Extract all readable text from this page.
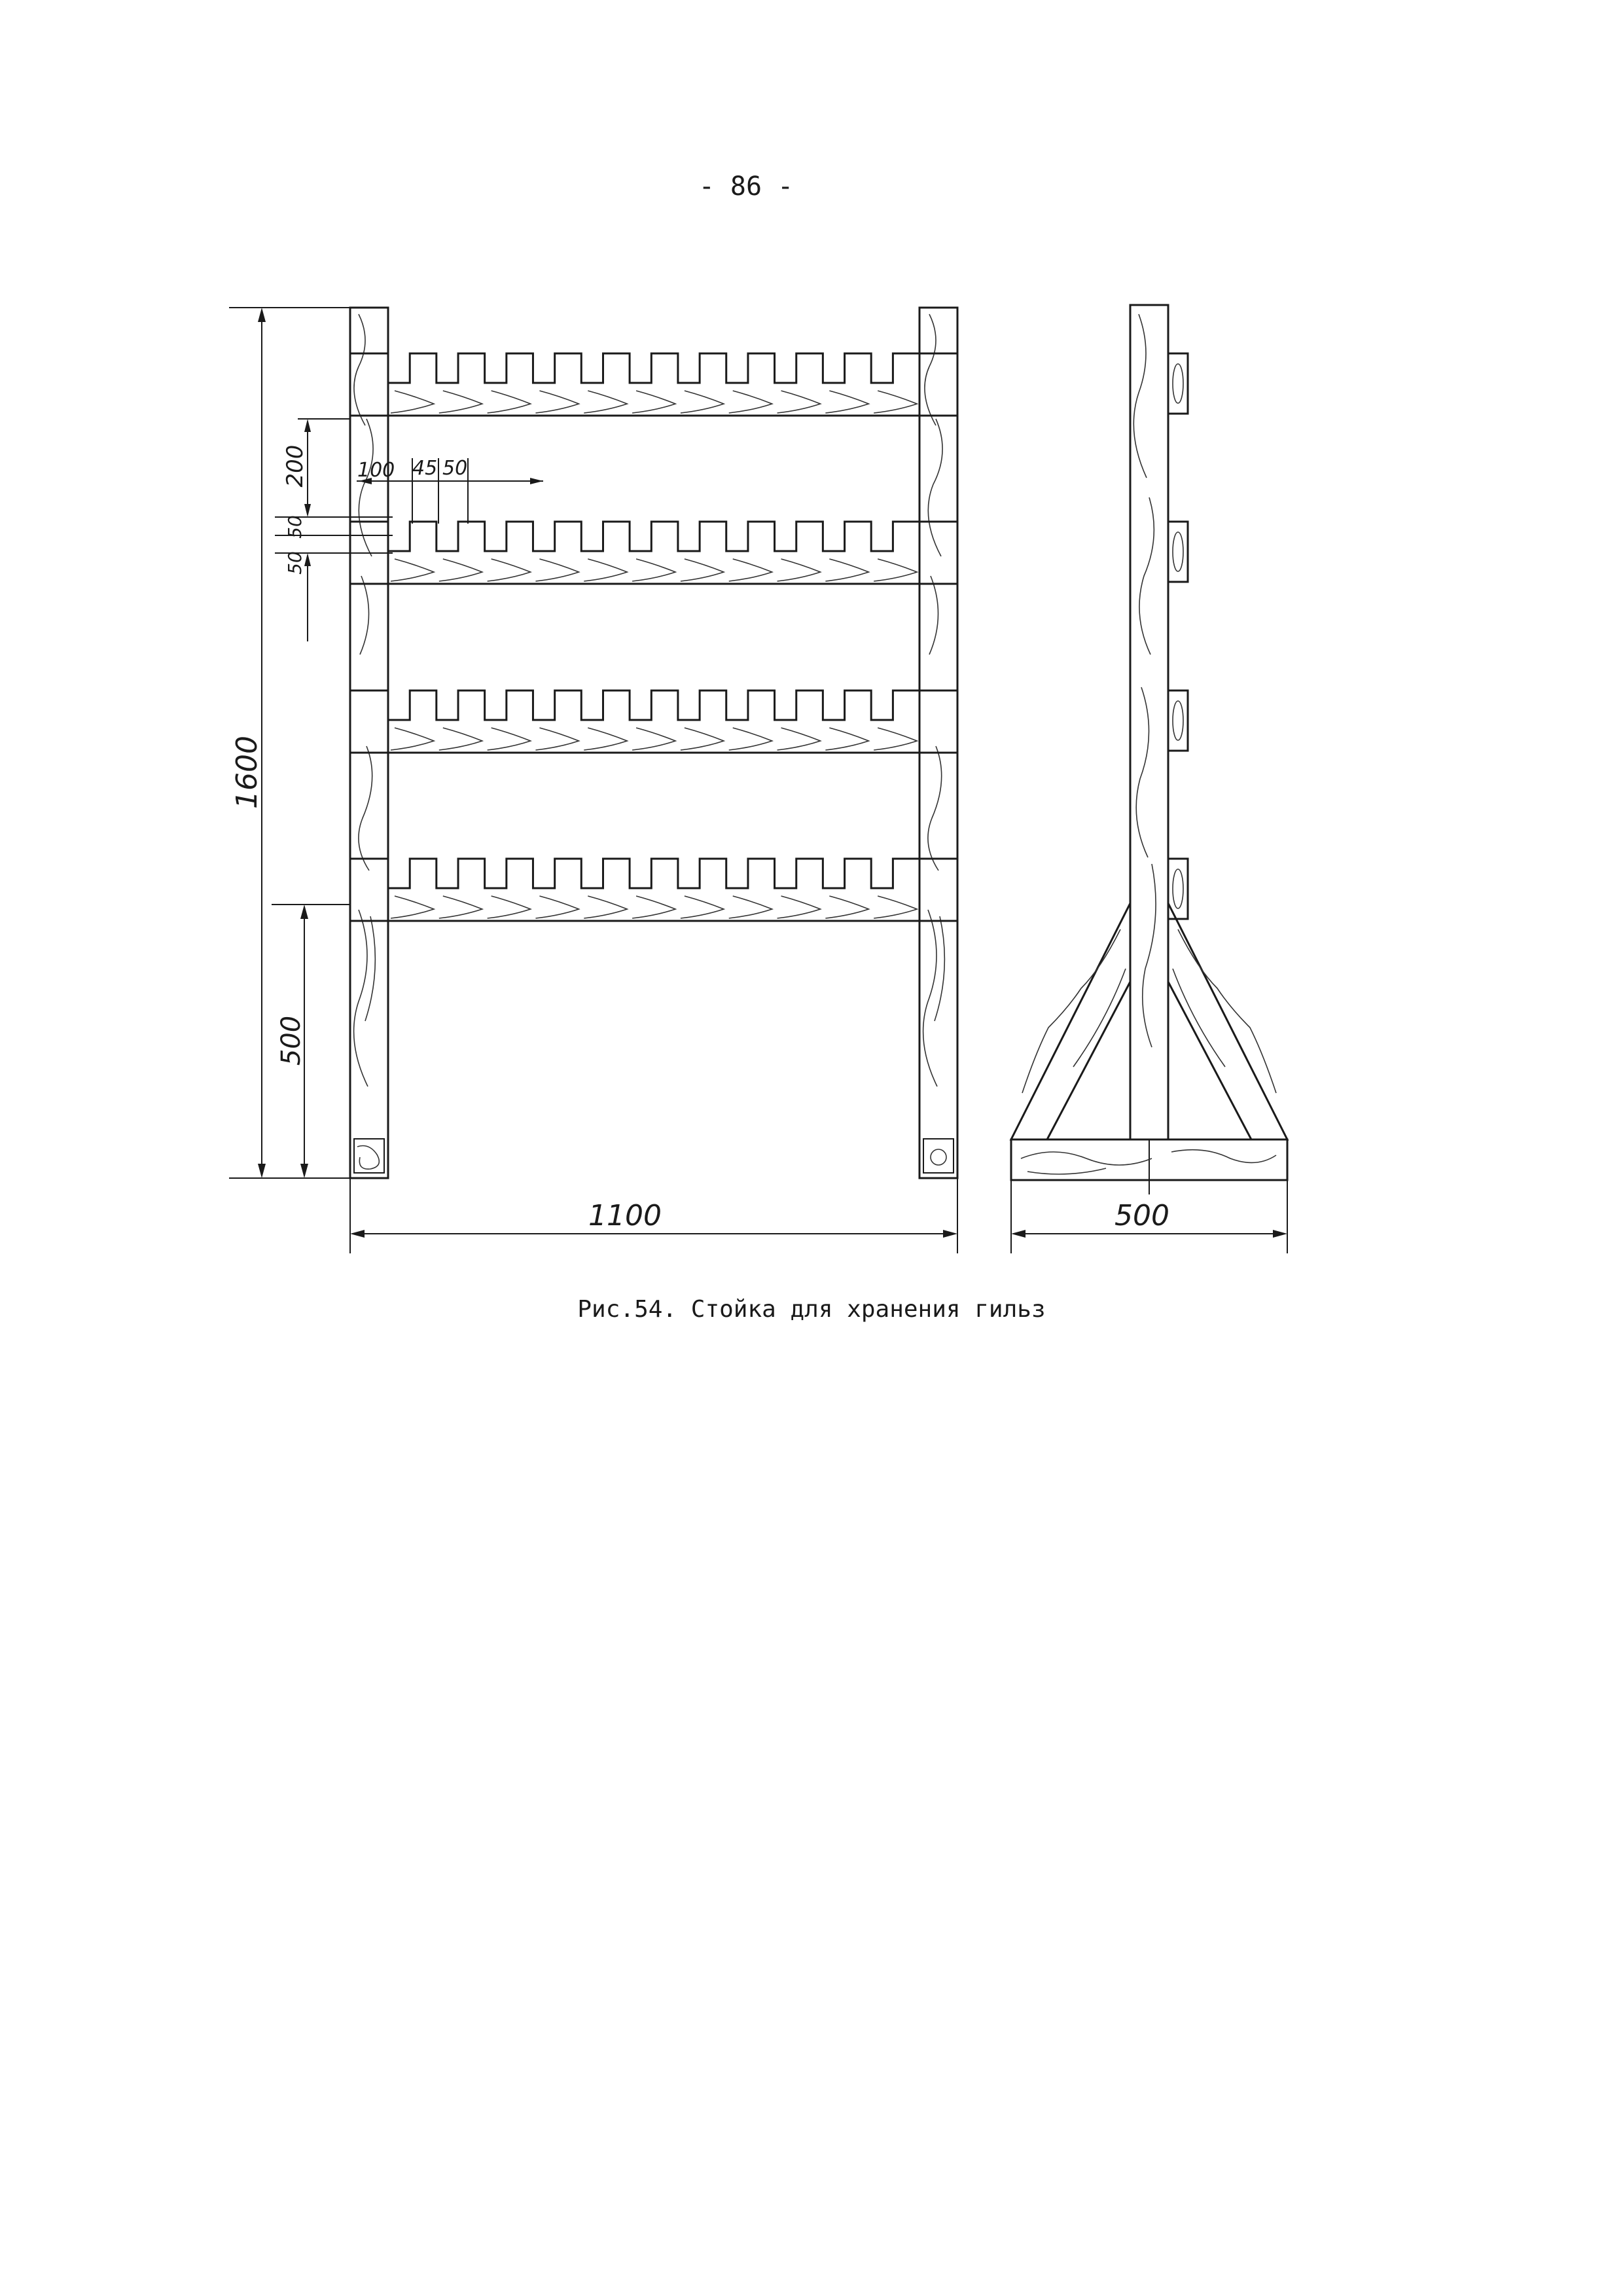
- 86 -
1600
500
200
50
50
100 45 50
1100	500
Рис.54. Стойка для хранения гильз
